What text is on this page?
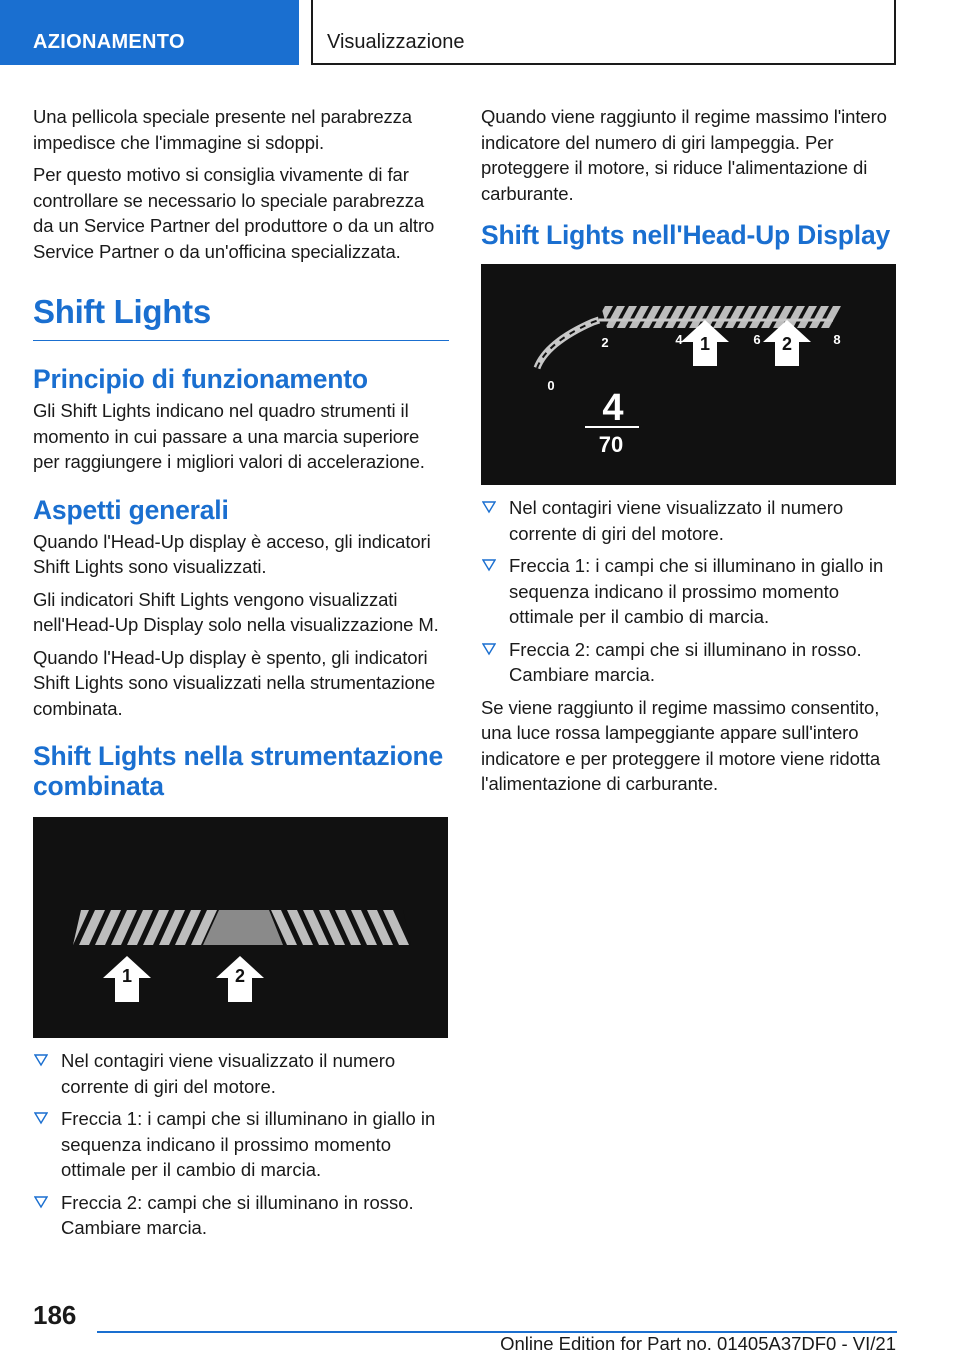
AZIONAMENTO	Visualizzazione

Una pellicola speciale presente nel parabrezza impedisce che l'immagine si sdoppi.

Per questo motivo si consiglia vivamente di far controllare se necessario lo speciale parabrezza da un Service Partner del produttore o da un altro Service Partner o da un'officina specializzata.

Shift Lights
Principio di funzionamento

Gli Shift Lights indicano nel quadro strumenti il momento in cui passare a una marcia superiore per raggiungere i migliori valori di accelerazione.

Aspetti generali

Quando l'Head-Up display è acceso, gli indicatori Shift Lights sono visualizzati.

Gli indicatori Shift Lights vengono visualizzati nell'Head-Up Display solo nella visualizzazione M.

Quando l'Head-Up display è spento, gli indicatori Shift Lights sono visualizzati nella strumentazione combinata.

Shift Lights nella strumentazione combinata
1	2
Nel contagiri viene visualizzato il numero corrente di giri del motore.
Freccia 1: i campi che si illuminano in giallo in sequenza indicano il prossimo momento ottimale per il cambio di marcia.
Freccia 2: campi che si illuminano in rosso. Cambiare marcia.

Quando viene raggiunto il regime massimo l'intero indicatore del numero di giri lampeggia. Per proteggere il motore, si riduce l'alimentazione di carburante.

Shift Lights nell'Head-Up Display
0
2	4	6	8
1	2
4
70
Nel contagiri viene visualizzato il numero corrente di giri del motore.
Freccia 1: i campi che si illuminano in giallo in sequenza indicano il prossimo momento ottimale per il cambio di marcia.
Freccia 2: campi che si illuminano in rosso. Cambiare marcia.

Se viene raggiunto il regime massimo consentito, una luce rossa lampeggiante appare sull'intero indicatore e per proteggere il motore viene ridotta l'alimentazione di carburante.

186
Online Edition for Part no. 01405A37DF0 - VI/21
